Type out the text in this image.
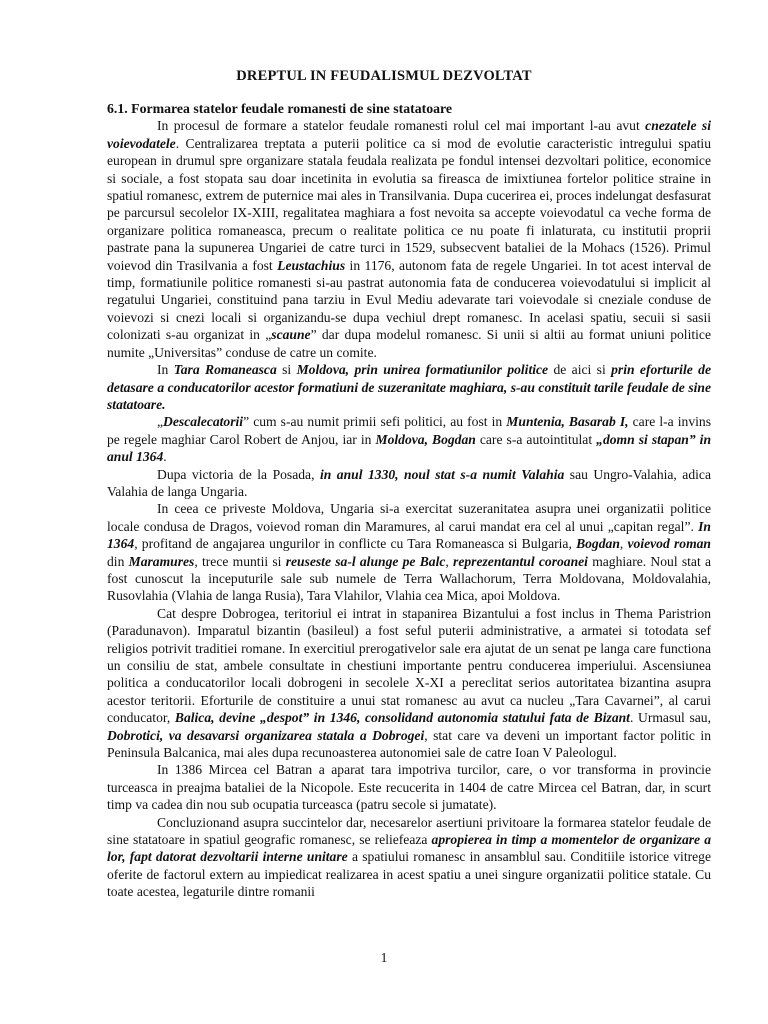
DREPTUL IN FEUDALISMUL DEZVOLTAT

6.1. Formarea statelor feudale romanesti de sine statatoare

In procesul de formare a statelor feudale romanesti rolul cel mai important l-au avut cnezatele si voievodatele. Centralizarea treptata a puterii politice ca si mod de evolutie caracteristic intregului spatiu european in drumul spre organizare statala feudala realizata pe fondul intensei dezvoltari politice, economice si sociale, a fost stopata sau doar incetinita in evolutia sa fireasca de imixtiunea fortelor politice straine in spatiul romanesc, extrem de puternice mai ales in Transilvania. Dupa cucerirea ei, proces indelungat desfasurat pe parcursul secolelor IX-XIII, regalitatea maghiara a fost nevoita sa accepte voievodatul ca veche forma de organizare politica romaneasca, precum o realitate politica ce nu poate fi inlaturata, cu institutii proprii pastrate pana la supunerea Ungariei de catre turci in 1529, subsecvent bataliei de la Mohacs (1526). Primul voievod din Trasilvania a fost Leustachius in 1176, autonom fata de regele Ungariei. In tot acest interval de timp, formatiunile politice romanesti si-au pastrat autonomia fata de conducerea voievodatului si implicit al regatului Ungariei, constituind pana tarziu in Evul Mediu adevarate tari voievodale si cneziale conduse de voievozi si cnezi locali si organizandu-se dupa vechiul drept romanesc. In acelasi spatiu, secuii si sasii colonizati s-au organizat in „scaune” dar dupa modelul romanesc. Si unii si altii au format uniuni politice numite „Universitas” conduse de catre un comite.

In Tara Romaneasca si Moldova, prin unirea formatiunilor politice de aici si prin eforturile de detasare a conducatorilor acestor formatiuni de suzeranitate maghiara, s-au constituit tarile feudale de sine statatoare.

„Descalecatorii” cum s-au numit primii sefi politici, au fost in Muntenia, Basarab I, care l-a invins pe regele maghiar Carol Robert de Anjou, iar in Moldova, Bogdan care s-a autointitulat „domn si stapan” in anul 1364.

Dupa victoria de la Posada, in anul 1330, noul stat s-a numit Valahia sau Ungro-Valahia, adica Valahia de langa Ungaria.

In ceea ce priveste Moldova, Ungaria si-a exercitat suzeranitatea asupra unei organizatii politice locale condusa de Dragos, voievod roman din Maramures, al carui mandat era cel al unui „capitan regal”. In 1364, profitand de angajarea ungurilor in conflicte cu Tara Romaneasca si Bulgaria, Bogdan, voievod roman din Maramures, trece muntii si reuseste sa-l alunge pe Balc, reprezentantul coroanei maghiare. Noul stat a fost cunoscut la inceputurile sale sub numele de Terra Wallachorum, Terra Moldovana, Moldovalahia, Rusovlahia (Vlahia de langa Rusia), Tara Vlahilor, Vlahia cea Mica, apoi Moldova.

Cat despre Dobrogea, teritoriul ei intrat in stapanirea Bizantului a fost inclus in Thema Paristrion (Paradunavon). Imparatul bizantin (basileul) a fost seful puterii administrative, a armatei si totodata sef religios potrivit traditiei romane. In exercitiul prerogativelor sale era ajutat de un senat pe langa care functiona un consiliu de stat, ambele consultate in chestiuni importante pentru conducerea imperiului. Ascensiunea politica a conducatorilor locali dobrogeni in secolele X-XI a pereclitat serios autoritatea bizantina asupra acestor teritorii. Eforturile de constituire a unui stat romanesc au avut ca nucleu „Tara Cavarnei”, al carui conducator, Balica, devine „despot” in 1346, consolidand autonomia statului fata de Bizant. Urmasul sau, Dobrotici, va desavarsi organizarea statala a Dobrogei, stat care va deveni un important factor politic in Peninsula Balcanica, mai ales dupa recunoasterea autonomiei sale de catre Ioan V Paleologul.

In 1386 Mircea cel Batran a aparat tara impotriva turcilor, care, o vor transforma in provincie turceasca in preajma bataliei de la Nicopole. Este recucerita in 1404 de catre Mircea cel Batran, dar, in scurt timp va cadea din nou sub ocupatia turceasca (patru secole si jumatate).

Concluzionand asupra succintelor dar, necesarelor asertiuni privitoare la formarea statelor feudale de sine statatoare in spatiul geografic romanesc, se reliefeaza apropierea in timp a momentelor de organizare a lor, fapt datorat dezvoltarii interne unitare a spatiului romanesc in ansamblul sau. Conditiile istorice vitrege oferite de factorul extern au impiedicat realizarea in acest spatiu a unei singure organizatii politice statale. Cu toate acestea, legaturile dintre romanii

1
